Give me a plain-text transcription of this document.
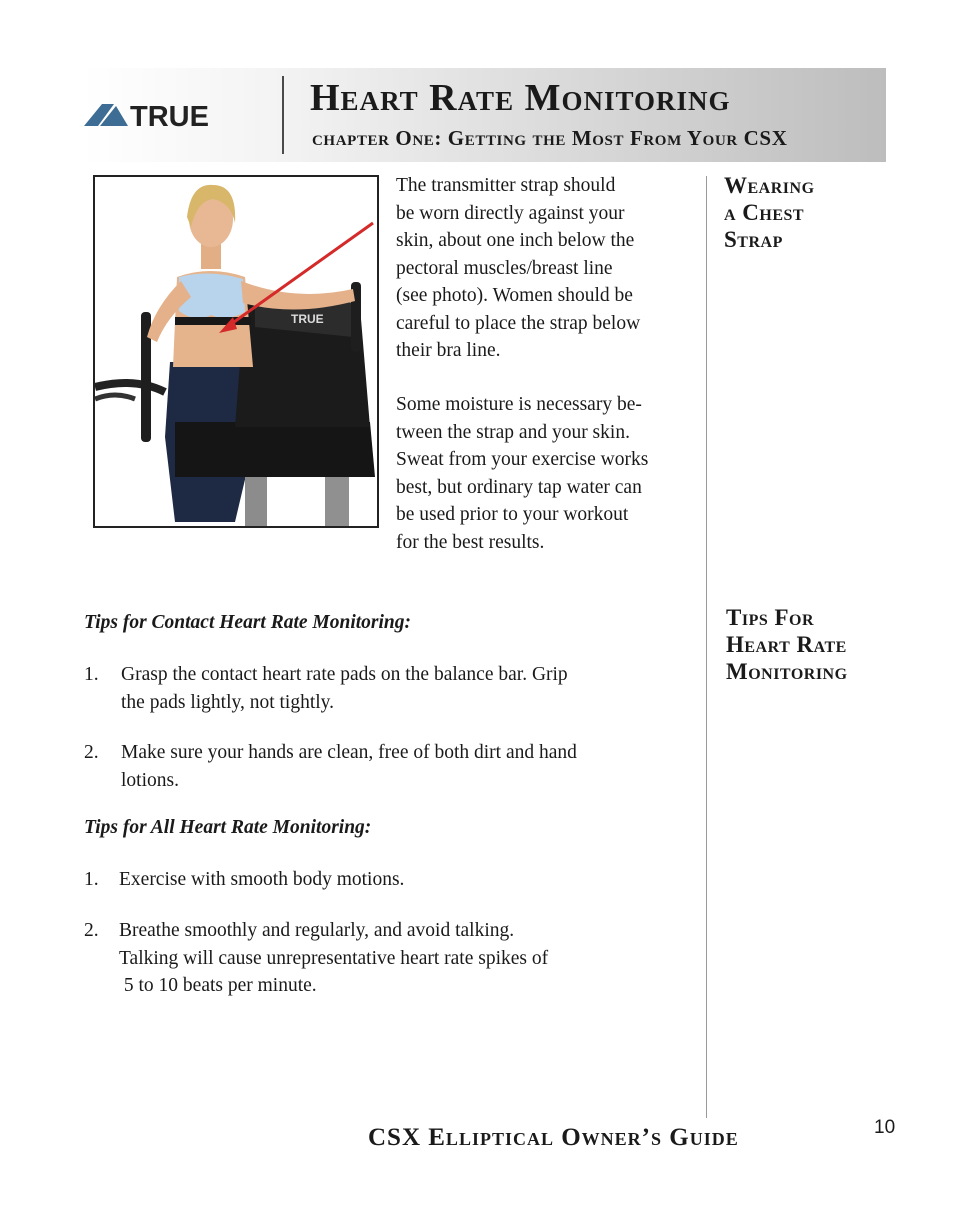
TRUE	Heart Rate Monitoring
chapter One: Getting the Most From Your CSX
TRUE

The transmitter strap should
be worn directly against your
skin, about one inch below the
pectoral muscles/breast line
(see photo). Women should be
careful to place the strap below
their bra line.

Some moisture is necessary be-
tween the strap and your skin.
Sweat from your exercise works
best, but ordinary tap water can
be used prior to your workout
for the best results.

Wearing
a Chest
Strap
Tips For
Heart Rate
Monitoring
Tips for Contact Heart Rate Monitoring:
1. Grasp the contact heart rate pads on the balance bar. Grip
the pads lightly, not tightly.

2. Make sure your hands are clean, free of both dirt and hand
lotions.

Tips for All Heart Rate Monitoring:
1. Exercise with smooth body motions.

2. Breathe smoothly and regularly, and avoid talking.
Talking will cause unrepresentative heart rate spikes of
5 to 10 beats per minute.

CSX Elliptical Owner’s Guide	10
